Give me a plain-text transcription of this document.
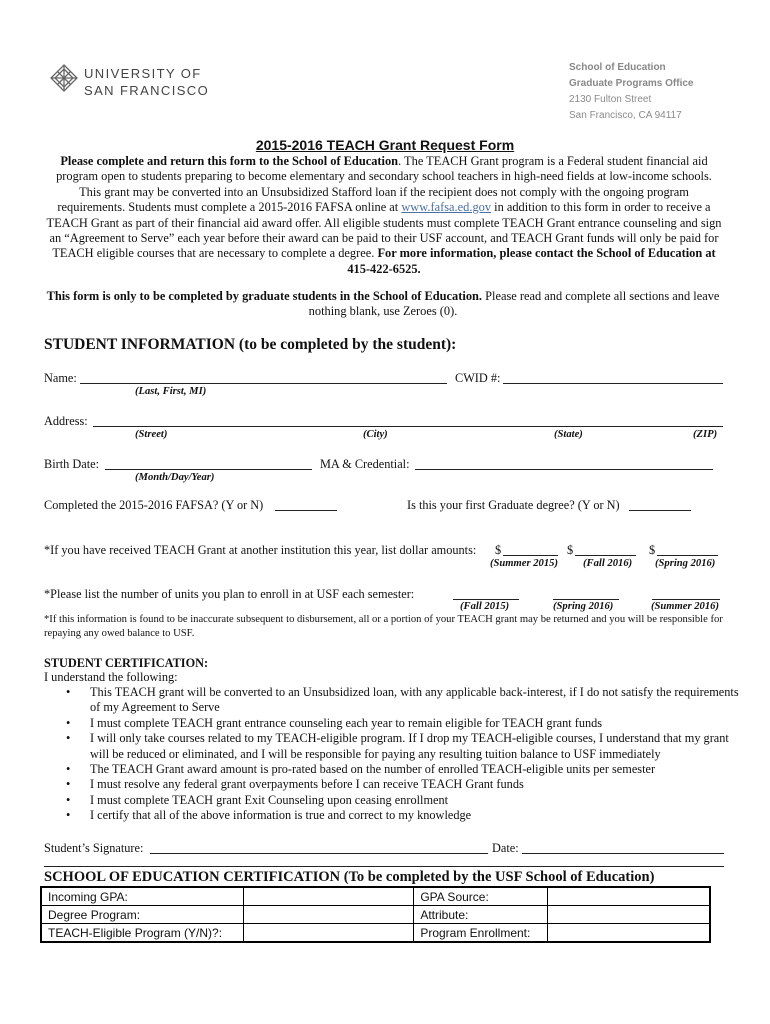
UNIVERSITY OF
SAN FRANCISCO
School of Education
Graduate Programs Office
2130 Fulton Street
San Francisco, CA 94117
2015-2016 TEACH Grant Request Form
Please complete and return this form to the School of Education. The TEACH Grant program is a Federal student financial aid program open to students preparing to become elementary and secondary school teachers in high-need fields at low-income schools. This grant may be converted into an Unsubsidized Stafford loan if the recipient does not comply with the ongoing program requirements. Students must complete a 2015-2016 FAFSA online at www.fafsa.ed.gov in addition to this form in order to receive a TEACH Grant as part of their financial aid award offer. All eligible students must complete TEACH Grant entrance counseling and sign an “Agreement to Serve” each year before their award can be paid to their USF account, and TEACH Grant funds will only be paid for TEACH eligible courses that are necessary to complete a degree. For more information, please contact the School of Education at 415-422-6525.
This form is only to be completed by graduate students in the School of Education. Please read and complete all sections and leave nothing blank, use Zeroes (0).
STUDENT INFORMATION (to be completed by the student):
Name:	CWID #:
(Last, First, MI)
Address:
(Street)	(City)	(State)	(ZIP)
Birth Date:	MA & Credential:
(Month/Day/Year)
Completed the 2015-2016 FAFSA? (Y or N)	Is this your first Graduate degree? (Y or N)
*If you have received TEACH Grant at another institution this year, list dollar amounts: $	$	$
(Summer 2015) (Fall 2016) (Spring 2016)
*Please list the number of units you plan to enroll in at USF each semester:
(Fall 2015)	(Spring 2016)	(Summer 2016)
*If this information is found to be inaccurate subsequent to disbursement, all or a portion of your TEACH grant may be returned and you will be responsible for repaying any owed balance to USF.
STUDENT CERTIFICATION:
I understand the following:
• This TEACH grant will be converted to an Unsubsidized loan, with any applicable back-interest, if I do not satisfy the requirements of my Agreement to Serve
• I must complete TEACH grant entrance counseling each year to remain eligible for TEACH grant funds
• I will only take courses related to my TEACH-eligible program. If I drop my TEACH-eligible courses, I understand that my grant will be reduced or eliminated, and I will be responsible for paying any resulting tuition balance to USF immediately
• The TEACH Grant award amount is pro-rated based on the number of enrolled TEACH-eligible units per semester
• I must resolve any federal grant overpayments before I can receive TEACH Grant funds
• I must complete TEACH grant Exit Counseling upon ceasing enrollment
• I certify that all of the above information is true and correct to my knowledge
Student’s Signature:	Date:
SCHOOL OF EDUCATION CERTIFICATION (To be completed by the USF School of Education)
Incoming GPA:		GPA Source:	
Degree Program:		Attribute:	
TEACH-Eligible Program (Y/N)?:		Program Enrollment:	
